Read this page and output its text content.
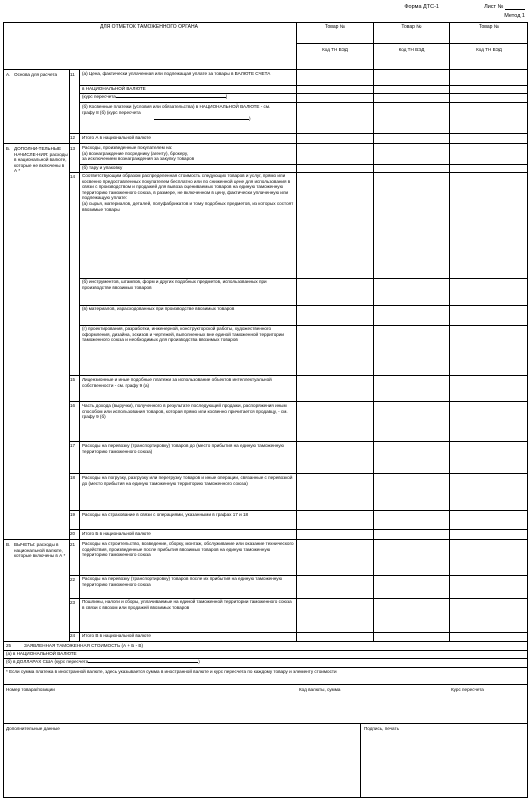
Форма ДТС-1	Лист №
Метод 1
ДЛЯ ОТМЕТОК ТАМОЖЕННОГО ОРГАНА	Товар №	Товар №	Товар №
Код ТН ВЭД	Код ТН ВЭД	Код ТН ВЭД
А. Основа для расчета	11 (а) Цена, фактически уплаченная или подлежащая уплате за товары в ВАЛЮТЕ СЧЕТА
в НАЦИОНАЛЬНОЙ ВАЛЮТЕ
(курс пересчета	)
(б) Косвенные платежи (условия или обязательства) в НАЦИОНАЛЬНОЙ ВАЛЮТЕ - см. графу 8 (б) (курс пересчета
)
12 Итого А в национальной валюте
Б. ДОПОЛНИ-ТЕЛЬНЫЕ НАЧИСЛЕ-НИЯ: расходы в национальной валюте, которые не включены в А *
13 Расходы, произведенные покупателем на:
(а) вознаграждение посреднику (агенту), брокеру,
за исключением вознаграждения за закупку товаров
(б) тару и упаковку
14 Соответствующим образом распределенная стоимость следующих товаров и услуг, прямо или косвенно предоставленных покупателем бесплатно или по сниженной цене для использования в связи с производством и продажей для вывоза оцениваемых товаров на единую таможенную территорию таможенного союза, в размере, не включенном в цену, фактически уплаченную или подлежащую уплате:
(а) сырья, материалов, деталей, полуфабрикатов и тому подобных предметов, из которых состоят ввозимые товары
(б) инструментов, штампов, форм и других подобных предметов, использованных при производстве ввозимых товаров
(в) материалов, израсходованных при производстве ввозимых товаров
(г) проектирования, разработки, инженерной, конструкторской работы, художественного оформления, дизайна, эскизов и чертежей, выполненных вне единой таможенной территории таможенного союза и необходимых для производства ввозимых товаров
15 Лицензионные и иные подобные платежи за использование объектов интеллектуальной собственности - см. графу 9 (а)
16 Часть дохода (выручки), полученного в результате последующей продажи, распоряжения иным способом или использования товаров, которая прямо или косвенно причитается продавцу, - см. графу 9 (б)
17 Расходы на перевозку (транспортировку) товаров до (место прибытия на единую таможенную территорию таможенного союза)
18 Расходы на погрузку, разгрузку или перегрузку товаров и иные операции, связанные с перевозкой до (место прибытия на единую таможенную территорию таможенного союза)
19 Расходы на страхование в связи с операциями, указанными в графах 17 и 18
20 Итого Б в национальной валюте
В. ВЫЧЕТЫ: расходы в национальной валюте, которые включены в А *
21 Расходы на строительство, возведение, сборку, монтаж, обслуживание или оказание технического содействия, произведенные после прибытия ввозимых товаров на единую таможенную территорию таможенного союза
22 Расходы на перевозку (транспортировку) товаров после их прибытия на единую таможенную территорию таможенного союза
23 Пошлины, налоги и сборы, уплачиваемые на единой таможенной территории таможенного союза в связи с ввозом или продажей ввозимых товаров
24 Итого В в национальной валюте
25	ЗАЯВЛЕННАЯ ТАМОЖЕННАЯ СТОИМОСТЬ (А + Б - В)
(а) в НАЦИОНАЛЬНОЙ ВАЛЮТЕ
(б) в ДОЛЛАРАХ США (курс пересчета	)
* Если сумма платежа в иностранной валюте, здесь указывается сумма в иностранной валюте и курс пересчета по каждому товару и элементу стоимости
Номер товара/позиции	Код валюты, сумма	Курс пересчета
Дополнительные данные	Подпись, печать
